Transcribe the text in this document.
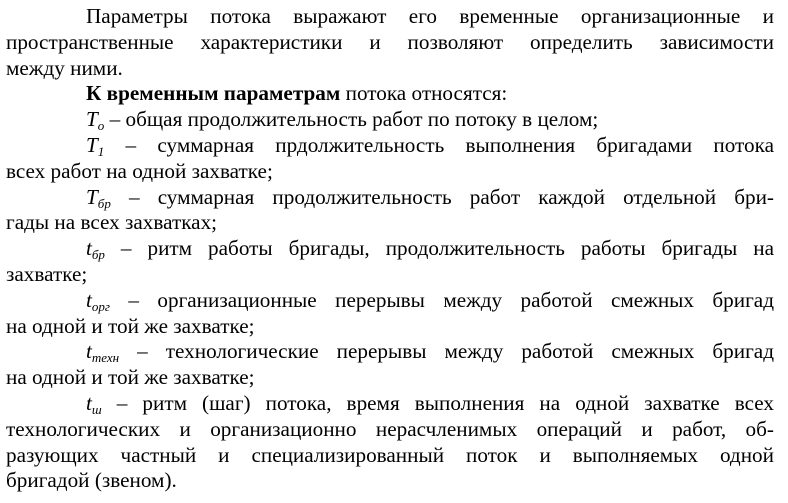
Параметры потока выражают его временные организационные и
пространственные характеристики и позволяют определить зависимости
между ними.
К временным параметрам потока относятся:
$T_o$ – общая продолжительность работ по потоку в целом;
$T_1$ – суммарная прдолжительность выполнения бригадами потока
всех работ на одной захватке;
$T_{бр}$ – суммарная продолжительность работ каждой отдельной бри-
гады на всех захватках;
$t_{бр}$ – ритм работы бригады, продолжительность работы бригады на
захватке;
$t_{орг}$ – организационные перерывы между работой смежных бригад
на одной и той же захватке;
$t_{техн}$ – технологические перерывы между работой смежных бригад
на одной и той же захватке;
$t_ш$ – ритм (шаг) потока, время выполнения на одной захватке всех
технологических и организационно нерасчленимых операций и работ, об-
разующих частный и специализированный поток и выполняемых одной
бригадой (звеном).
